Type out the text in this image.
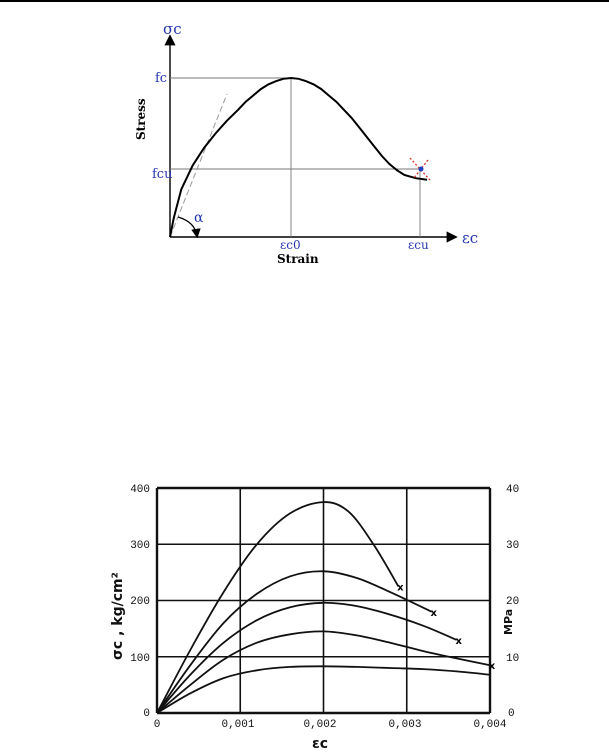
σc
εc
fc
fcu
εc0	εcu
α
Strain
Stress
x
x
x
x
0	0,001	0,002	0,003	0,004
0
100
200
300
400
0
10
20
30
40
εc
σc , kg/cm²	MPa
